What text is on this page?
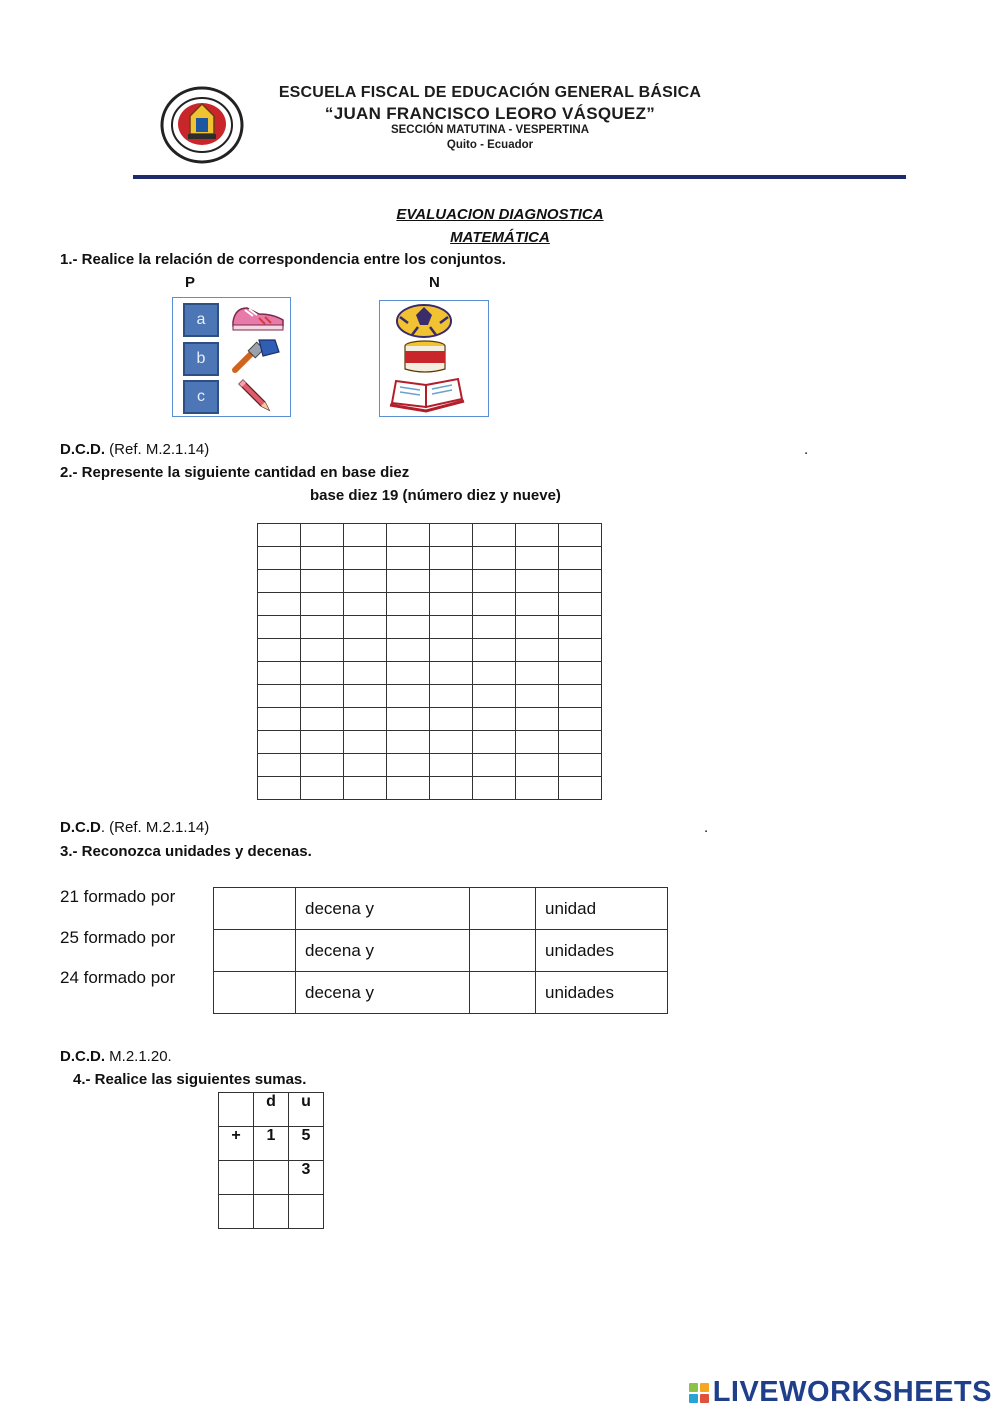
ESCUELA FISCAL DE EDUCACIÓN GENERAL BÁSICA
“JUAN FRANCISCO LEORO VÁSQUEZ”
SECCIÓN MATUTINA - VESPERTINA
Quito - Ecuador
EVALUACION DIAGNOSTICA
MATEMÁTICA
1.- Realice la relación de correspondencia entre los conjuntos.
P	N
a
b
c
D.C.D. (Ref. M.2.1.14)	.
2.- Represente la siguiente cantidad en base diez
base diez 19 (número diez y nueve)

D.C.D. (Ref. M.2.1.14)	.
3.- Reconozca unidades y decenas.
21 formado por
25 formado por
24 formado por
	decena y		unidad
	decena y		unidades
	decena y		unidades
D.C.D. M.2.1.20.
4.- Realice las siguientes sumas.
	d	u
+	1	5
		3

LIVEWORKSHEETS
